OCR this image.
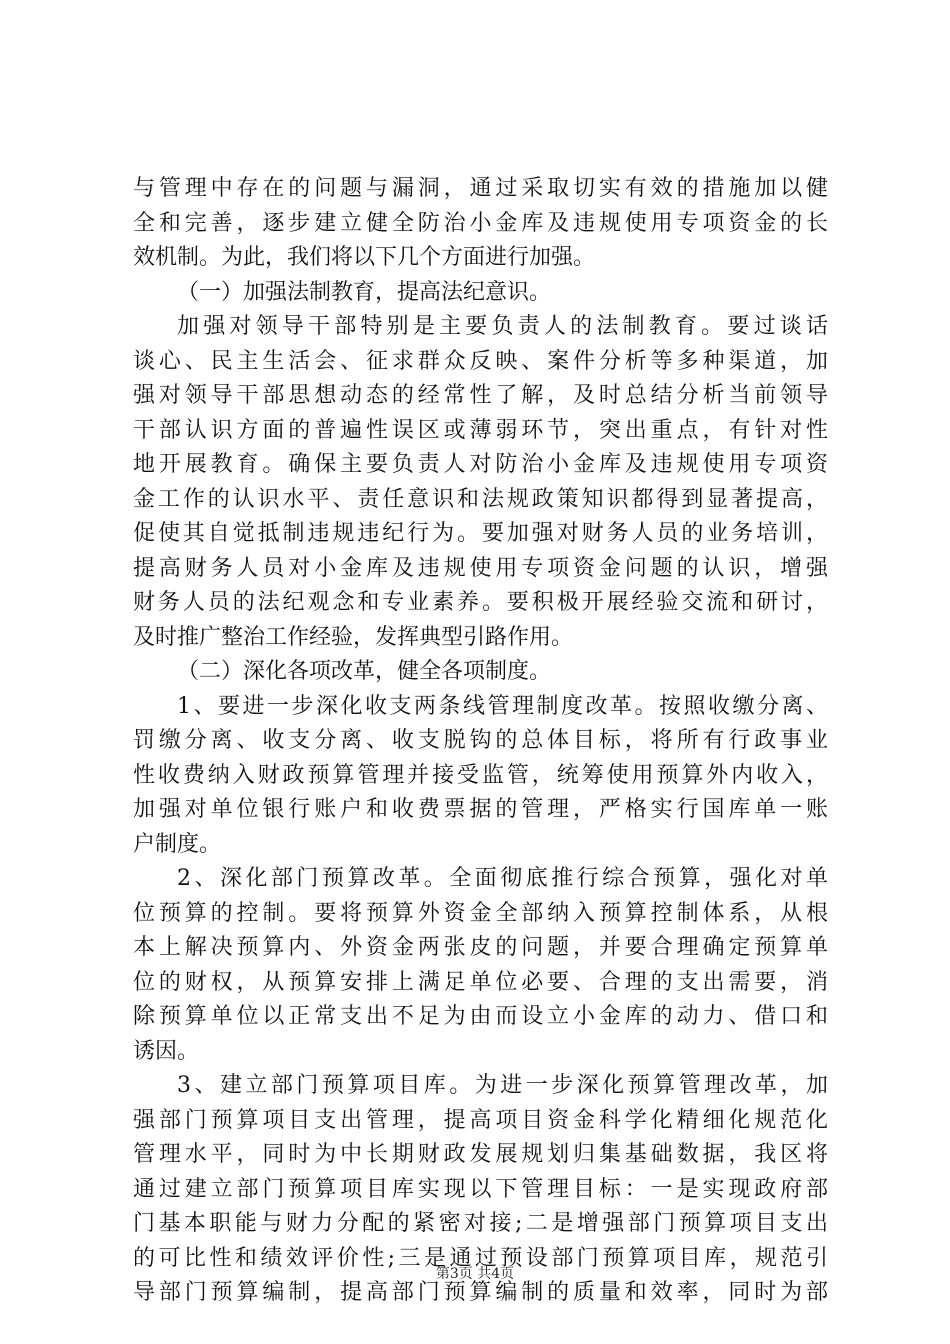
与管理中存在的问题与漏洞，通过采取切实有效的措施加以健
全和完善，逐步建立健全防治小金库及违规使用专项资金的长
效机制。为此，我们将以下几个方面进行加强。
（一）加强法制教育，提高法纪意识。
加强对领导干部特别是主要负责人的法制教育。要过谈话
谈心、民主生活会、征求群众反映、案件分析等多种渠道，加
强对领导干部思想动态的经常性了解，及时总结分析当前领导
干部认识方面的普遍性误区或薄弱环节，突出重点，有针对性
地开展教育。确保主要负责人对防治小金库及违规使用专项资
金工作的认识水平、责任意识和法规政策知识都得到显著提高，
促使其自觉抵制违规违纪行为。要加强对财务人员的业务培训，
提高财务人员对小金库及违规使用专项资金问题的认识，增强
财务人员的法纪观念和专业素养。要积极开展经验交流和研讨，
及时推广整治工作经验，发挥典型引路作用。
（二）深化各项改革，健全各项制度。
1、要进一步深化收支两条线管理制度改革。按照收缴分离、
罚缴分离、收支分离、收支脱钩的总体目标，将所有行政事业
性收费纳入财政预算管理并接受监管，统筹使用预算外内收入，
加强对单位银行账户和收费票据的管理，严格实行国库单一账
户制度。
2、深化部门预算改革。全面彻底推行综合预算，强化对单
位预算的控制。要将预算外资金全部纳入预算控制体系，从根
本上解决预算内、外资金两张皮的问题，并要合理确定预算单
位的财权，从预算安排上满足单位必要、合理的支出需要，消
除预算单位以正常支出不足为由而设立小金库的动力、借口和
诱因。
3、建立部门预算项目库。为进一步深化预算管理改革，加
强部门预算项目支出管理，提高项目资金科学化精细化规范化
管理水平，同时为中长期财政发展规划归集基础数据，我区将
通过建立部门预算项目库实现以下管理目标：一是实现政府部
门基本职能与财力分配的紧密对接;二是增强部门预算项目支出
的可比性和绩效评价性;三是通过预设部门预算项目库，规范引
导部门预算编制，提高部门预算编制的质量和效率，同时为部
第3页 共4页
